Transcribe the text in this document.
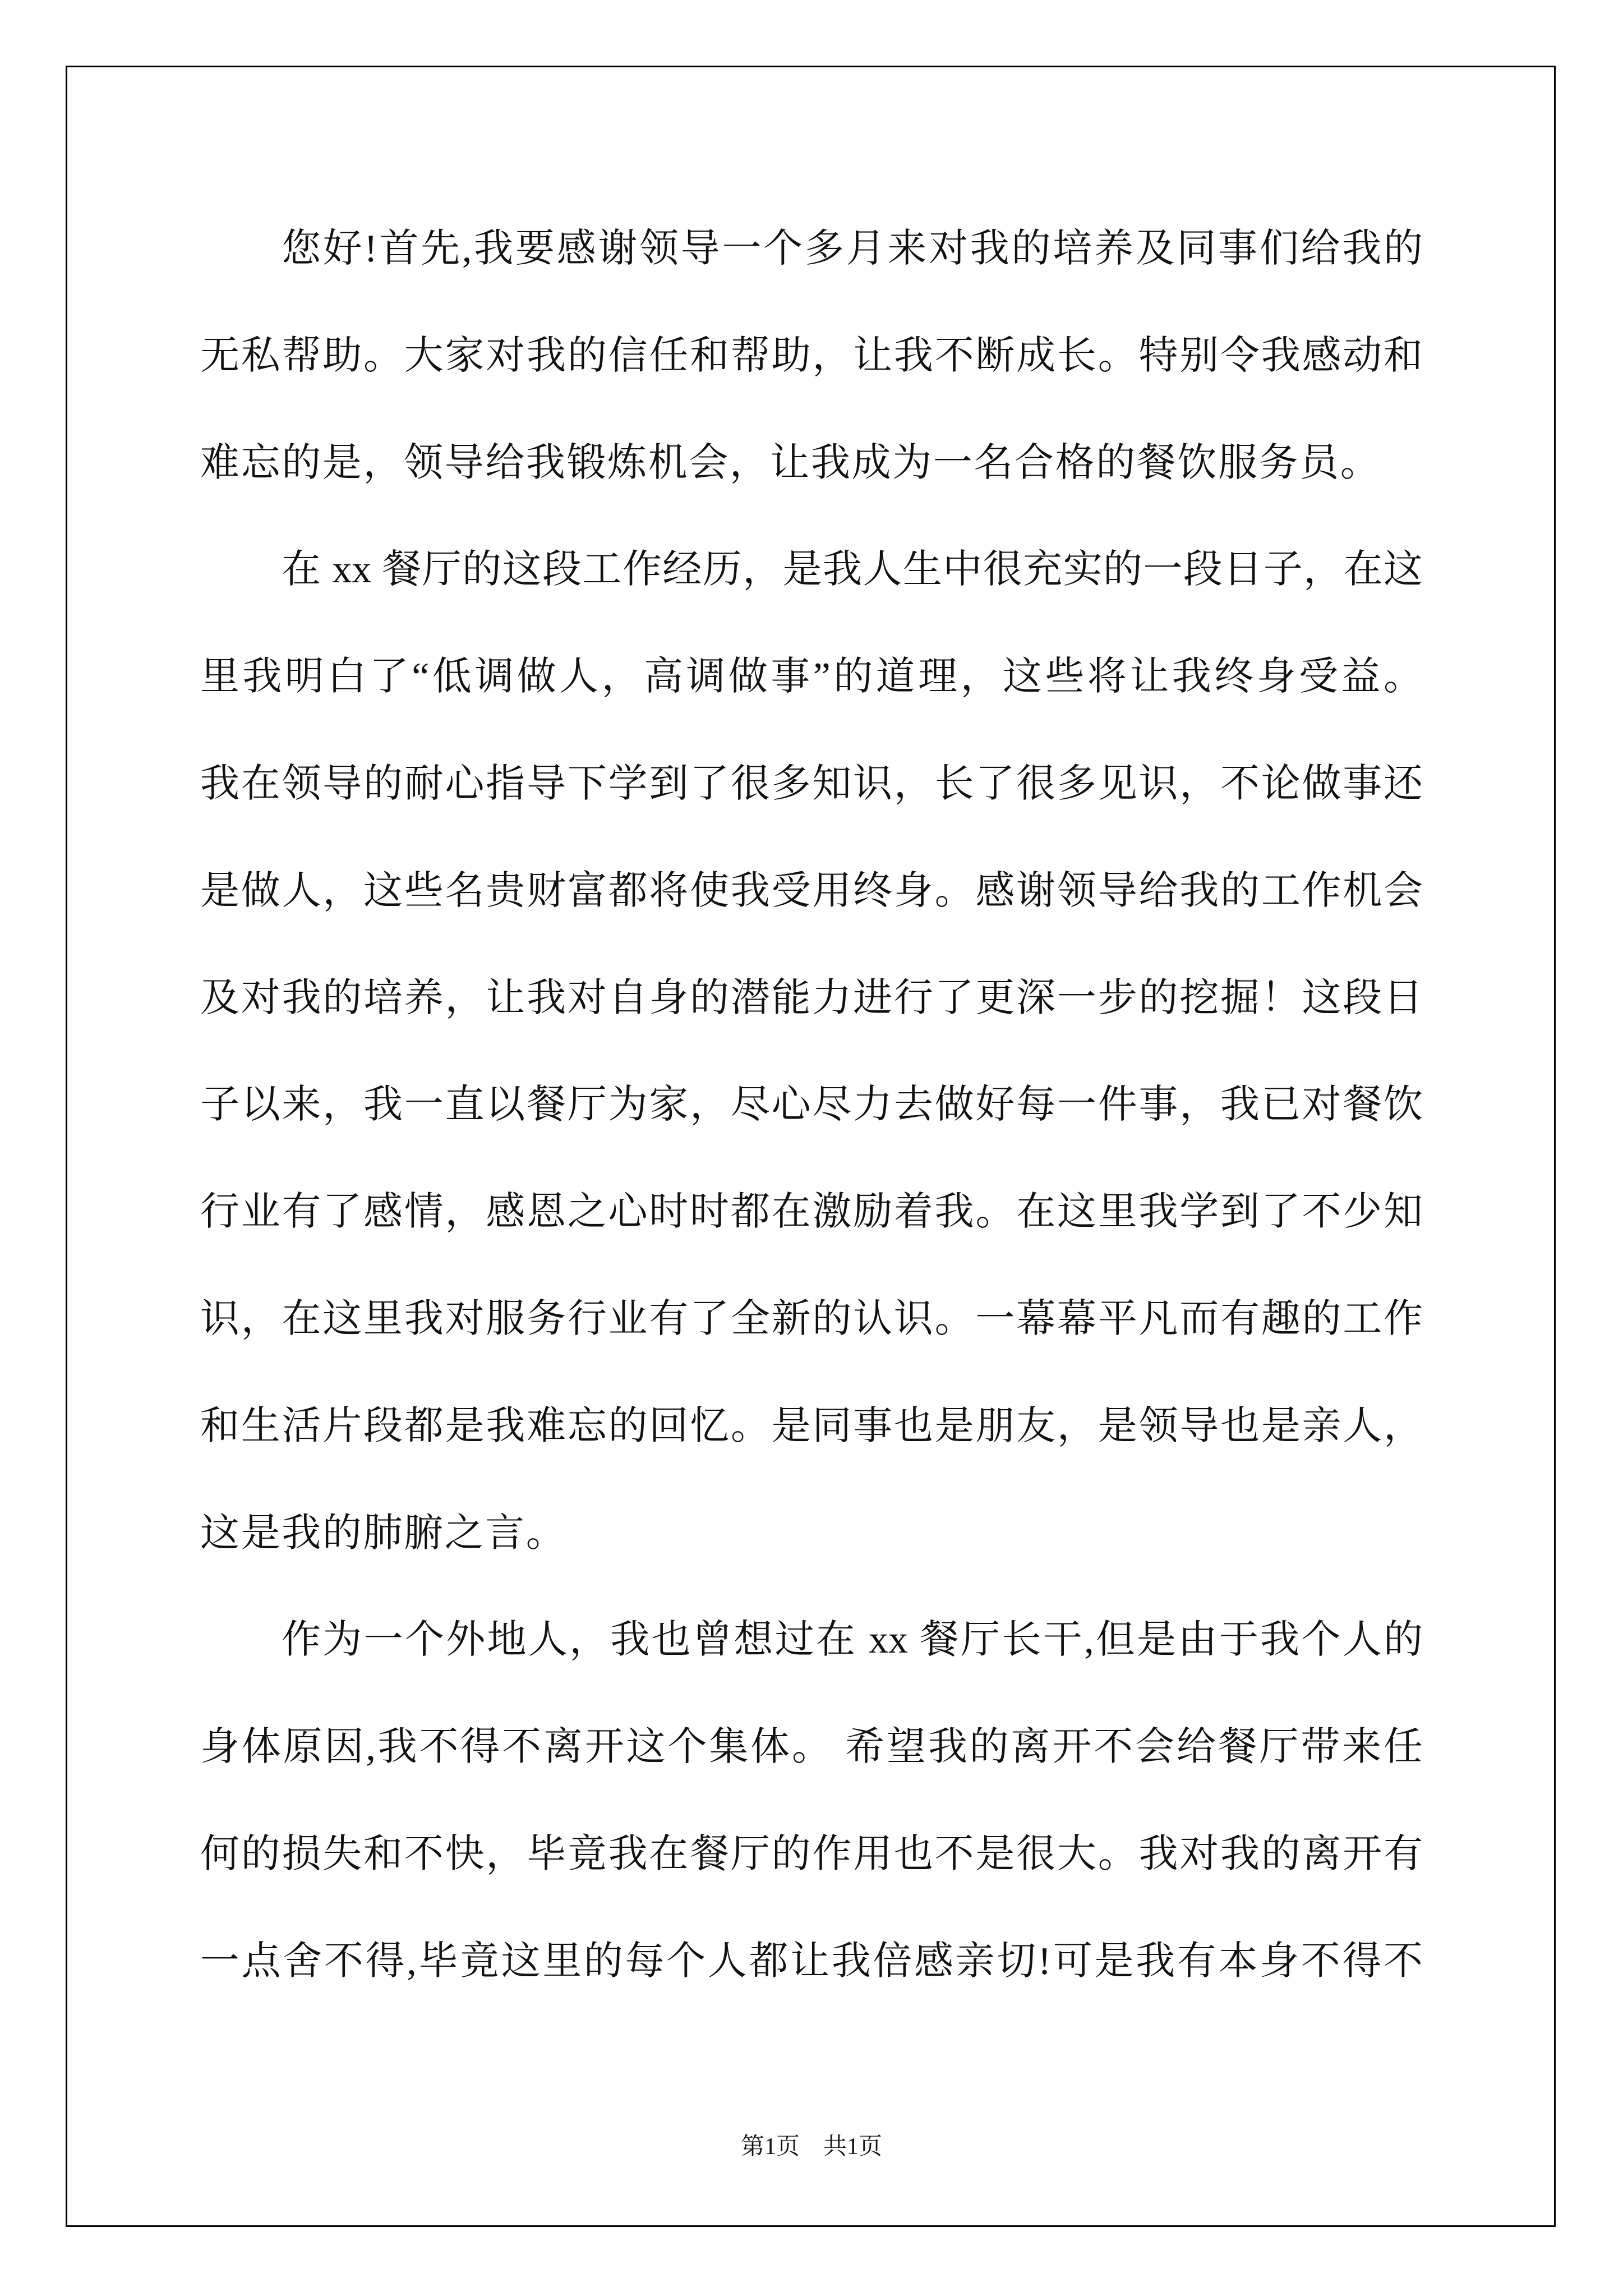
您好!首先,我要感谢领导一个多月来对我的培养及同事们给我的
无私帮助。大家对我的信任和帮助，让我不断成长。特别令我感动和
难忘的是，领导给我锻炼机会，让我成为一名合格的餐饮服务员。
在 xx 餐厅的这段工作经历，是我人生中很充实的一段日子，在这
里我明白了“低调做人，高调做事”的道理，这些将让我终身受益。
我在领导的耐心指导下学到了很多知识，长了很多见识，不论做事还
是做人，这些名贵财富都将使我受用终身。感谢领导给我的工作机会
及对我的培养，让我对自身的潜能力进行了更深一步的挖掘！这段日
子以来，我一直以餐厅为家，尽心尽力去做好每一件事，我已对餐饮
行业有了感情，感恩之心时时都在激励着我。在这里我学到了不少知
识，在这里我对服务行业有了全新的认识。一幕幕平凡而有趣的工作
和生活片段都是我难忘的回忆。是同事也是朋友，是领导也是亲人，
这是我的肺腑之言。
作为一个外地人，我也曾想过在 xx 餐厅长干,但是由于我个人的
身体原因,我不得不离开这个集体。 希望我的离开不会给餐厅带来任
何的损失和不快，毕竟我在餐厅的作用也不是很大。我对我的离开有
一点舍不得,毕竟这里的每个人都让我倍感亲切!可是我有本身不得不
第1页　共1页
